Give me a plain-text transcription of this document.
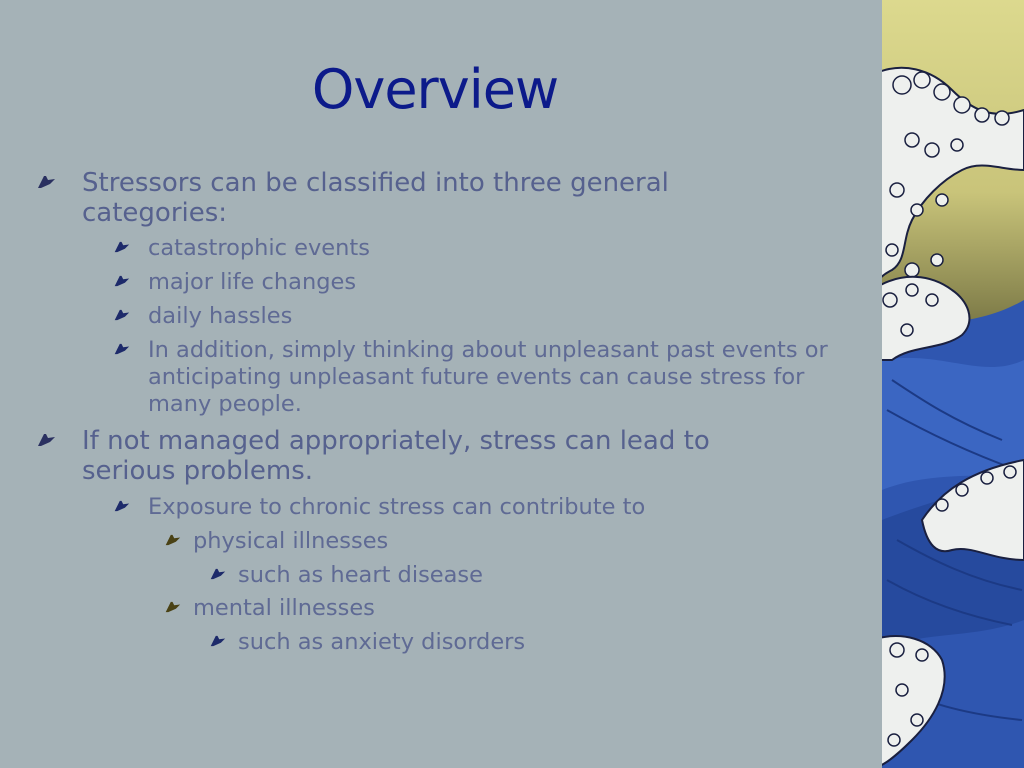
Overview
Stressors can be classified into three general categories:
catastrophic events
major life changes
daily hassles
In addition, simply thinking about unpleasant past events or anticipating unpleasant future events can cause stress for many people.
If not managed appropriately, stress can lead to serious problems.
Exposure to chronic stress can contribute to
physical illnesses
such as heart disease
mental illnesses
such as anxiety disorders
